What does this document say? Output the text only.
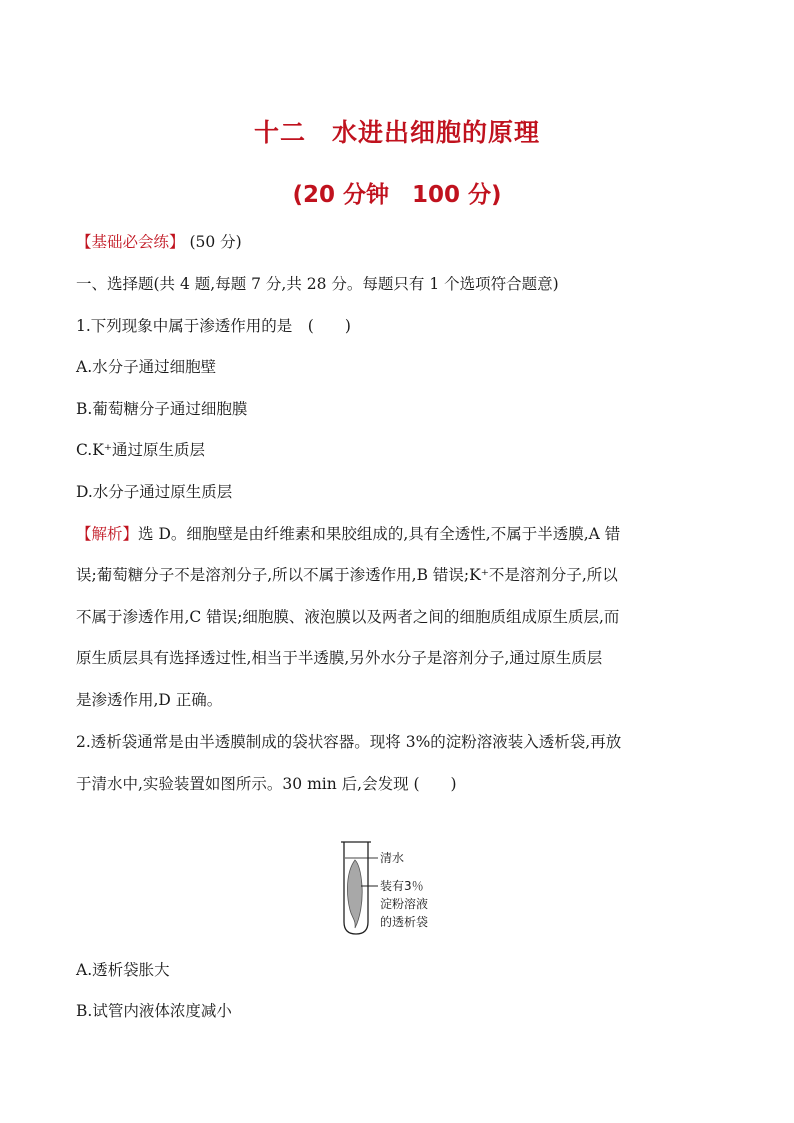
十二　水进出细胞的原理
(20 分钟　100 分)
【基础必会练】 (50 分)
一、选择题(共 4 题,每题 7 分,共 28 分。每题只有 1 个选项符合题意)
1.下列现象中属于渗透作用的是　(　　)
A.水分子通过细胞壁
B.葡萄糖分子通过细胞膜
C.K⁺通过原生质层
D.水分子通过原生质层
【解析】选 D。细胞壁是由纤维素和果胶组成的,具有全透性,不属于半透膜,A 错
误;葡萄糖分子不是溶剂分子,所以不属于渗透作用,B 错误;K⁺不是溶剂分子,所以
不属于渗透作用,C 错误;细胞膜、液泡膜以及两者之间的细胞质组成原生质层,而
原生质层具有选择透过性,相当于半透膜,另外水分子是溶剂分子,通过原生质层
是渗透作用,D 正确。
2.透析袋通常是由半透膜制成的袋状容器。现将 3%的淀粉溶液装入透析袋,再放
于清水中,实验装置如图所示。30 min 后,会发现 (　　)
清水
装有3％
淀粉溶液
的透析袋
A.透析袋胀大
B.试管内液体浓度减小
